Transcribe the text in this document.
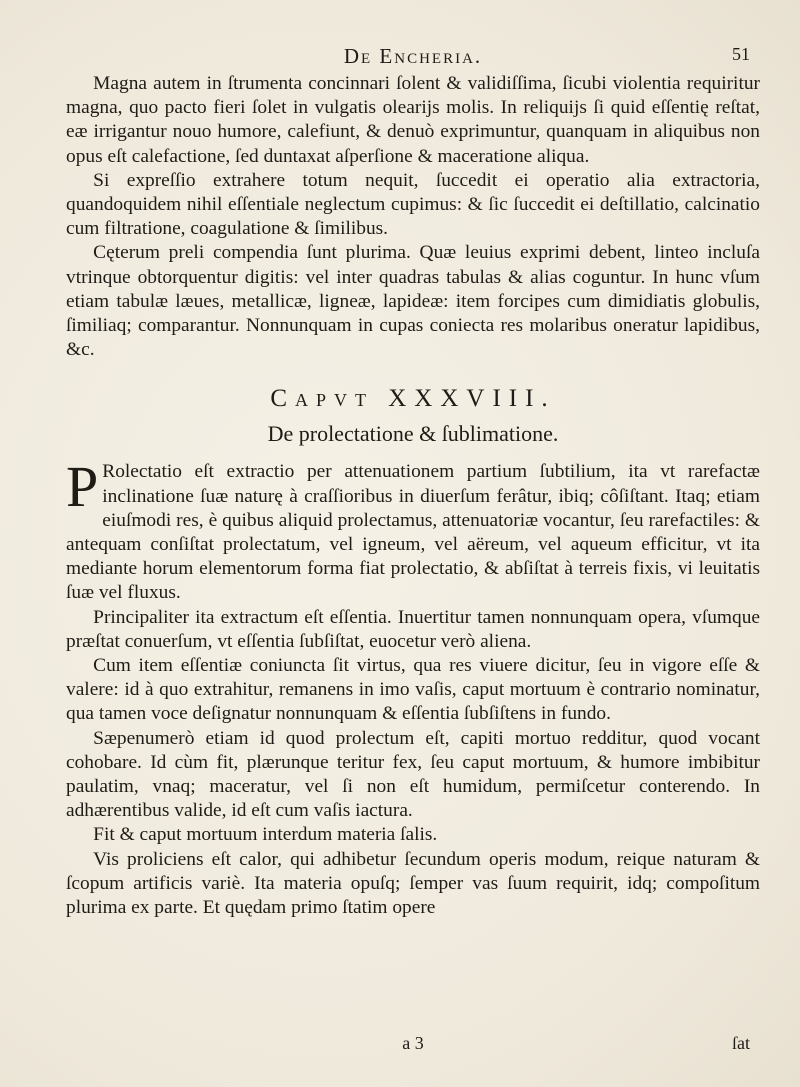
De Encheria.	51

Magna autem in ſtrumenta concinnari ſolent & validiſſima, ſicubi violentia requiritur magna, quo pacto fieri ſolet in vulgatis olearijs molis. In reliquijs ſi quid eſſentię reſtat, eæ irrigantur nouo humore, calefiunt, & denuò exprimuntur, quanquam in aliquibus non opus eſt calefactione, ſed duntaxat aſperſione & maceratione aliqua.

Si expreſſio extrahere totum nequit, ſuccedit ei operatio alia extractoria, quandoquidem nihil eſſentiale neglectum cupimus: & ſic ſuccedit ei deſtillatio, calcinatio cum filtratione, coagulatione & ſimilibus.

Cęterum preli compendia ſunt plurima. Quæ leuius exprimi debent, linteo incluſa vtrinque obtorquentur digitis: vel inter quadras tabulas & alias coguntur. In hunc vſum etiam tabulæ læues, metallicæ, ligneæ, lapideæ: item forcipes cum dimidiatis globulis, ſimiliaq; comparantur. Nonnunquam in cupas coniecta res molaribus oneratur lapidibus, &c.

Capvt XXXVIII.
De prolectatione & ſublimatione.

P Rolectatio eſt extractio per attenuationem partium ſubtilium, ita vt rarefactæ inclinatione ſuæ naturę à craſſioribus in diuerſum ferâtur, ibiq; côſiſtant. Itaq; etiam eiuſmodi res, è quibus aliquid prolectamus, attenuatoriæ vocantur, ſeu rarefactiles: & antequam conſiſtat prolectatum, vel igneum, vel aëreum, vel aqueum efficitur, vt ita mediante horum elementorum forma fiat prolectatio, & abſiſtat à terreis fixis, vi leuitatis ſuæ vel fluxus.

Principaliter ita extractum eſt eſſentia. Inuertitur tamen nonnunquam opera, vſumque præſtat conuerſum, vt eſſentia ſubſiſtat, euocetur verò aliena.

Cum item eſſentiæ coniuncta ſit virtus, qua res viuere dicitur, ſeu in vigore eſſe & valere: id à quo extrahitur, remanens in imo vaſis, caput mortuum è contrario nominatur, qua tamen voce deſignatur nonnunquam & eſſentia ſubſiſtens in fundo.

Sæpenumerò etiam id quod prolectum eſt, capiti mortuo redditur, quod vocant cohobare. Id cùm fit, plærunque teritur fex, ſeu caput mortuum, & humore imbibitur paulatim, vnaq; maceratur, vel ſi non eſt humidum, permiſcetur conterendo. In adhærentibus valide, id eſt cum vaſis iactura.

Fit & caput mortuum interdum materia ſalis.

Vis proliciens eſt calor, qui adhibetur ſecundum operis modum, reique naturam & ſcopum artificis variè. Ita materia opuſq; ſemper vas ſuum requirit, idq; compoſitum plurima ex parte. Et quędam primo ſtatim opere

a 3	ſat
